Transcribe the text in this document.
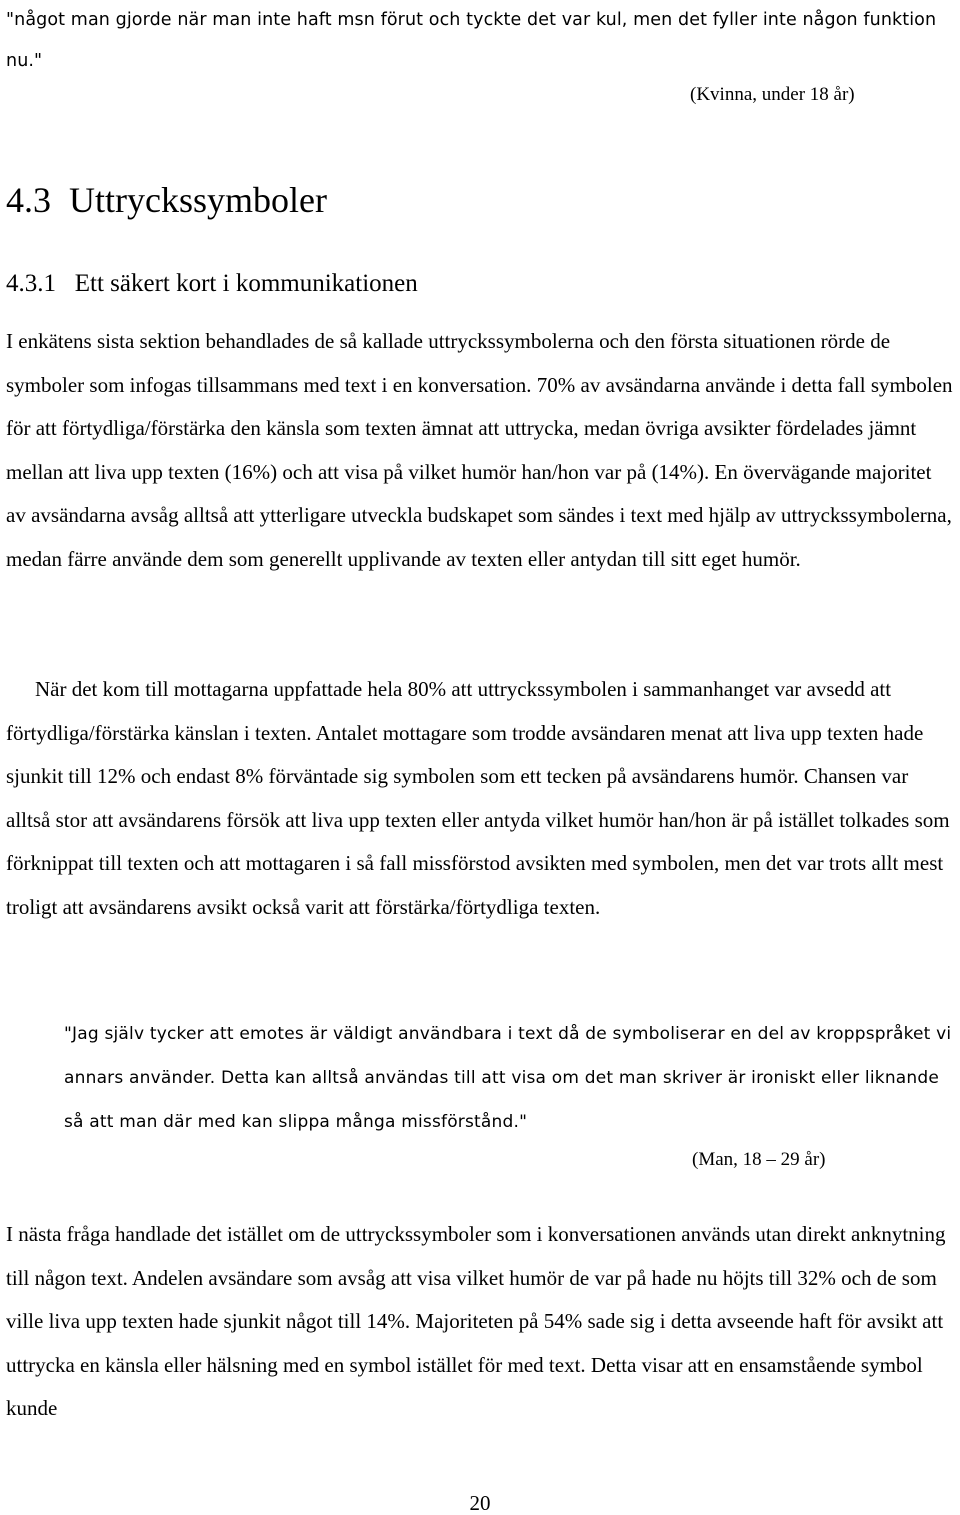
"något man gjorde när man inte haft msn förut och tyckte det var kul, men det fyller inte någon funktion nu."
(Kvinna, under 18 år)
4.3  Uttryckssymboler
4.3.1   Ett säkert kort i kommunikationen

I enkätens sista sektion behandlades de så kallade uttryckssymbolerna och den första situationen rörde de symboler som infogas tillsammans med text i en konversation. 70% av avsändarna använde i detta fall symbolen för att förtydliga/förstärka den känsla som texten ämnat att uttrycka, medan övriga avsikter fördelades jämnt mellan att liva upp texten (16%) och att visa på vilket humör han/hon var på (14%). En övervägande majoritet av avsändarna avsåg alltså att ytterligare utveckla budskapet som sändes i text med hjälp av uttryckssymbolerna, medan färre använde dem som generellt upplivande av texten eller antydan till sitt eget humör.

När det kom till mottagarna uppfattade hela 80% att uttryckssymbolen i sammanhanget var avsedd att förtydliga/förstärka känslan i texten. Antalet mottagare som trodde avsändaren menat att liva upp texten hade sjunkit till 12% och endast 8% förväntade sig symbolen som ett tecken på avsändarens humör. Chansen var alltså stor att avsändarens försök att liva upp texten eller antyda vilket humör han/hon är på istället tolkades som förknippat till texten och att mottagaren i så fall missförstod avsikten med symbolen, men det var trots allt mest troligt att avsändarens avsikt också varit att förstärka/förtydliga texten.

"Jag själv tycker att emotes är väldigt användbara i text då de symboliserar en del av kroppspråket vi annars använder. Detta kan alltså användas till att visa om det man skriver är ironiskt eller liknande så att man där med kan slippa många missförstånd."
(Man, 18 – 29 år)

I nästa fråga handlade det istället om de uttryckssymboler som i konversationen används utan direkt anknytning till någon text. Andelen avsändare som avsåg att visa vilket humör de var på hade nu höjts till 32% och de som ville liva upp texten hade sjunkit något till 14%. Majoriteten på 54% sade sig i detta avseende haft för avsikt att uttrycka en känsla eller hälsning med en symbol istället för med text. Detta visar att en ensamstående symbol kunde

20
